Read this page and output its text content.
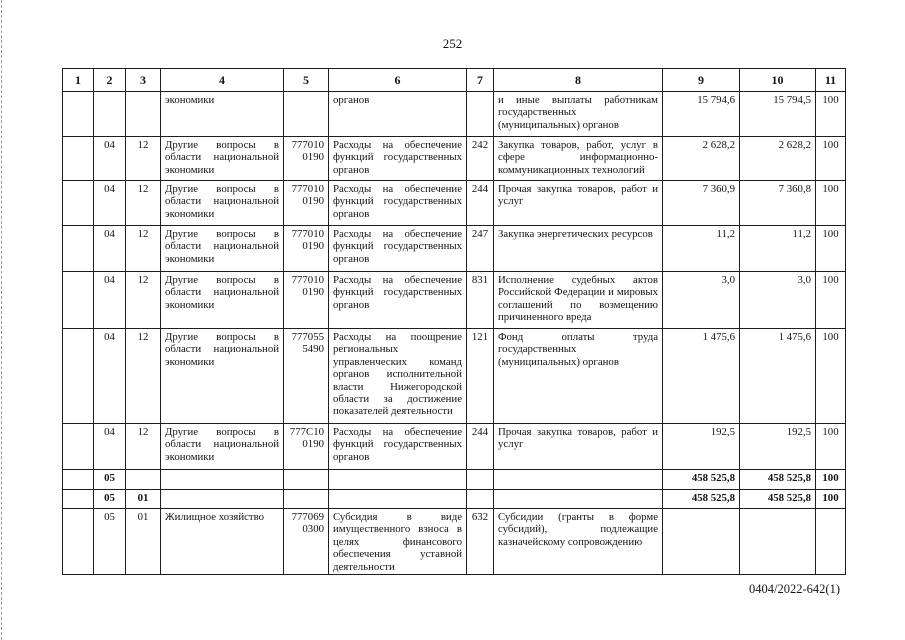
252
1	2	3	4	5	6	7	8	9	10	11
			экономики		органов		и иные выплаты работникам государственных (муниципальных) органов	15 794,6	15 794,5	100
	04	12	Другие вопросы в области национальной экономики	777010 0190	Расходы на обеспечение функций государственных органов	242	Закупка товаров, работ, услуг в сфере информационно-коммуникационных технологий	2 628,2	2 628,2	100
	04	12	Другие вопросы в области национальной экономики	777010 0190	Расходы на обеспечение функций государственных органов	244	Прочая закупка товаров, работ и услуг	7 360,9	7 360,8	100
	04	12	Другие вопросы в области национальной экономики	777010 0190	Расходы на обеспечение функций государственных органов	247	Закупка энергетических ресурсов	11,2	11,2	100
	04	12	Другие вопросы в области национальной экономики	777010 0190	Расходы на обеспечение функций государственных органов	831	Исполнение судебных актов Российской Федерации и мировых соглашений по возмещению причиненного вреда	3,0	3,0	100
	04	12	Другие вопросы в области национальной экономики	777055 5490	Расходы на поощрение региональных управленческих команд органов исполнительной власти Нижегородской области за достижение показателей деятельности	121	Фонд оплаты труда государственных (муниципальных) органов	1 475,6	1 475,6	100
	04	12	Другие вопросы в области национальной экономики	777С10 0190	Расходы на обеспечение функций государственных органов	244	Прочая закупка товаров, работ и услуг	192,5	192,5	100
	05							458 525,8	458 525,8	100
	05	01						458 525,8	458 525,8	100
	05	01	Жилищное хозяйство	777069 0300	Субсидия в виде имущественного взноса в целях финансового обеспечения уставной деятельности	632	Субсидии (гранты в форме субсидий), подлежащие казначейскому сопровождению			
0404/2022-642(1)
